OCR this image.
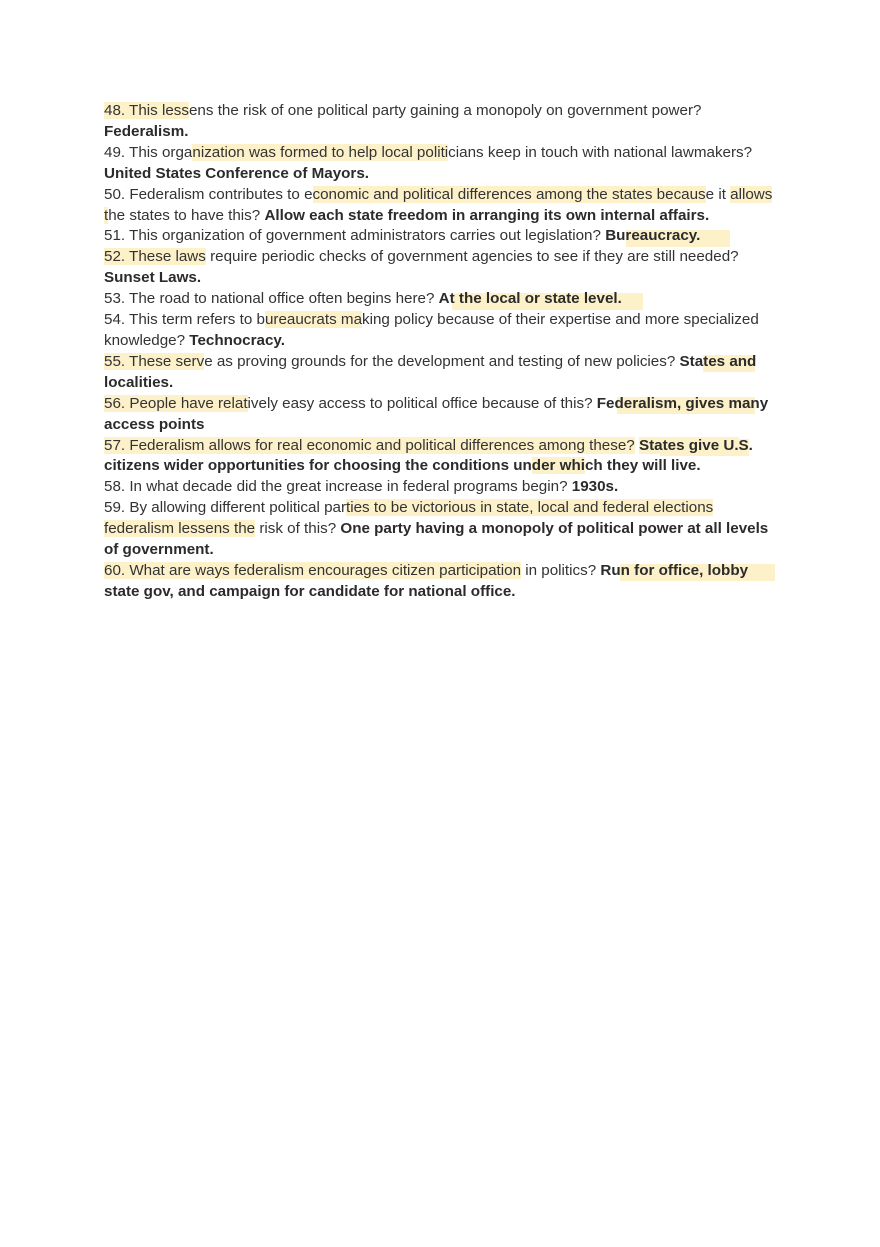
48. This lessens the risk of one political party gaining a monopoly on government power? Federalism.

49. This organization was formed to help local politicians keep in touch with national lawmakers? United States Conference of Mayors.

50. Federalism contributes to economic and political differences among the states because it allows the states to have this? Allow each state freedom in arranging its own internal affairs.

51. This organization of government administrators carries out legislation? Bureaucracy.

52. These laws require periodic checks of government agencies to see if they are still needed? Sunset Laws.

53. The road to national office often begins here? At the local or state level.

54. This term refers to bureaucrats making policy because of their expertise and more specialized knowledge? Technocracy.

55. These serve as proving grounds for the development and testing of new policies? States and localities.

56. People have relatively easy access to political office because of this? Federalism, gives many access points

57. Federalism allows for real economic and political differences among these? States give U.S. citizens wider opportunities for choosing the conditions under which they will live.

58. In what decade did the great increase in federal programs begin? 1930s.

59. By allowing different political parties to be victorious in state, local and federal elections federalism lessens the risk of this? One party having a monopoly of political power at all levels of government.

60. What are ways federalism encourages citizen participation in politics? Run for office, lobby state gov, and campaign for candidate for national office.
